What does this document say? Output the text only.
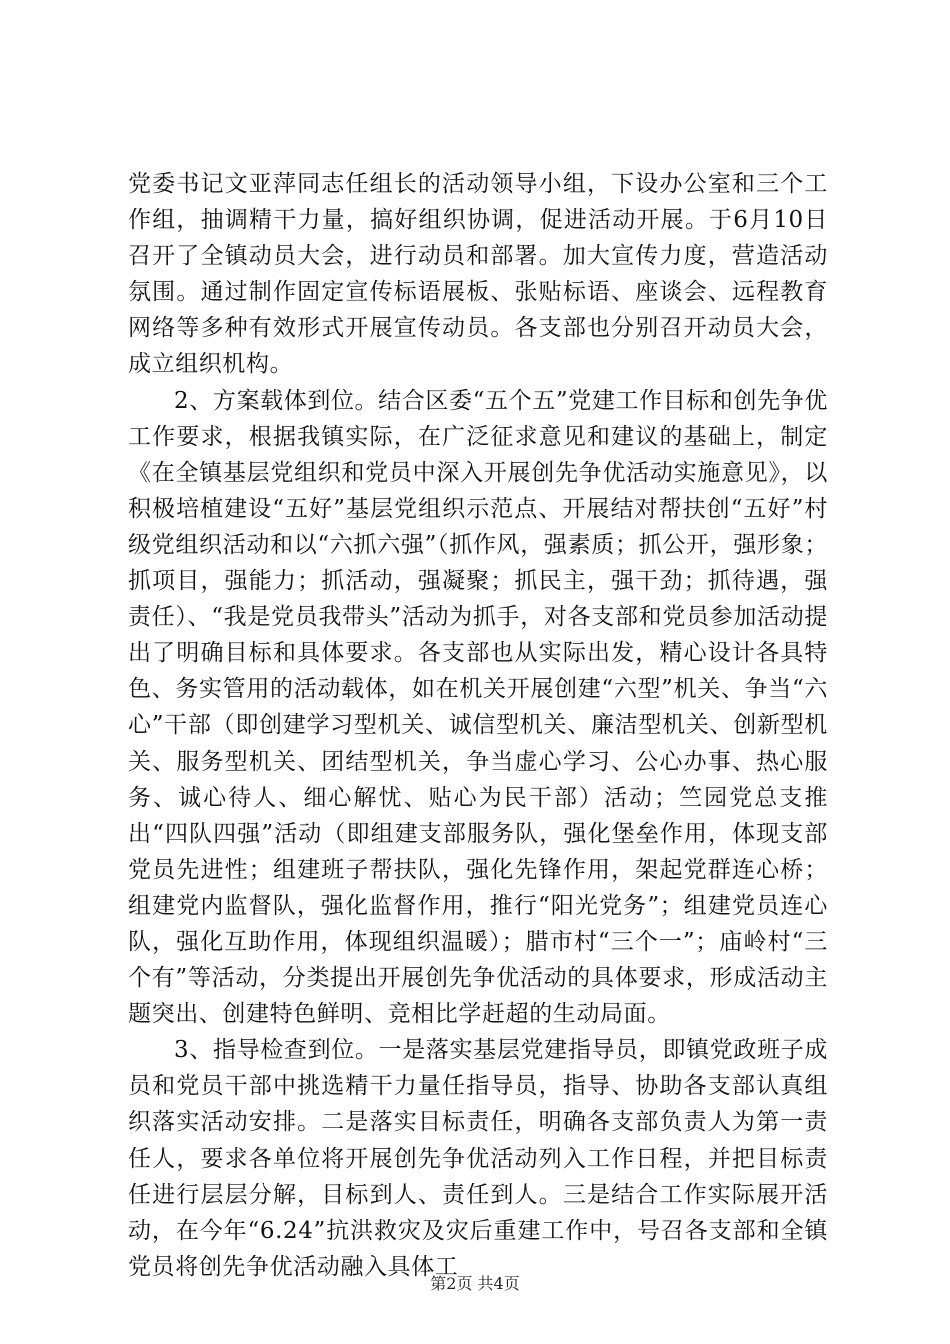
党委书记文亚萍同志任组长的活动领导小组，下设办公室和三个工作组，抽调精干力量，搞好组织协调，促进活动开展。于6月10日召开了全镇动员大会，进行动员和部署。加大宣传力度，营造活动氛围。通过制作固定宣传标语展板、张贴标语、座谈会、远程教育网络等多种有效形式开展宣传动员。各支部也分别召开动员大会，成立组织机构。

2、方案载体到位。结合区委“五个五”党建工作目标和创先争优工作要求，根据我镇实际，在广泛征求意见和建议的基础上，制定《在全镇基层党组织和党员中深入开展创先争优活动实施意见》，以积极培植建设“五好”基层党组织示范点、开展结对帮扶创“五好”村级党组织活动和以“六抓六强”（抓作风，强素质；抓公开，强形象；抓项目，强能力；抓活动，强凝聚；抓民主，强干劲；抓待遇，强责任）、“我是党员我带头”活动为抓手，对各支部和党员参加活动提出了明确目标和具体要求。各支部也从实际出发，精心设计各具特色、务实管用的活动载体，如在机关开展创建“六型”机关、争当“六心”干部（即创建学习型机关、诚信型机关、廉洁型机关、创新型机关、服务型机关、团结型机关，争当虚心学习、公心办事、热心服务、诚心待人、细心解忧、贴心为民干部）活动；竺园党总支推出“四队四强”活动（即组建支部服务队，强化堡垒作用，体现支部党员先进性；组建班子帮扶队，强化先锋作用，架起党群连心桥；组建党内监督队，强化监督作用，推行“阳光党务”；组建党员连心队，强化互助作用，体现组织温暖）；腊市村“三个一”；庙岭村“三个有”等活动，分类提出开展创先争优活动的具体要求，形成活动主题突出、创建特色鲜明、竞相比学赶超的生动局面。

3、指导检查到位。一是落实基层党建指导员，即镇党政班子成员和党员干部中挑选精干力量任指导员，指导、协助各支部认真组织落实活动安排。二是落实目标责任，明确各支部负责人为第一责任人，要求各单位将开展创先争优活动列入工作日程，并把目标责任进行层层分解，目标到人、责任到人。三是结合工作实际展开活动，在今年“6.24”抗洪救灾及灾后重建工作中，号召各支部和全镇党员将创先争优活动融入具体工

第2页 共4页
